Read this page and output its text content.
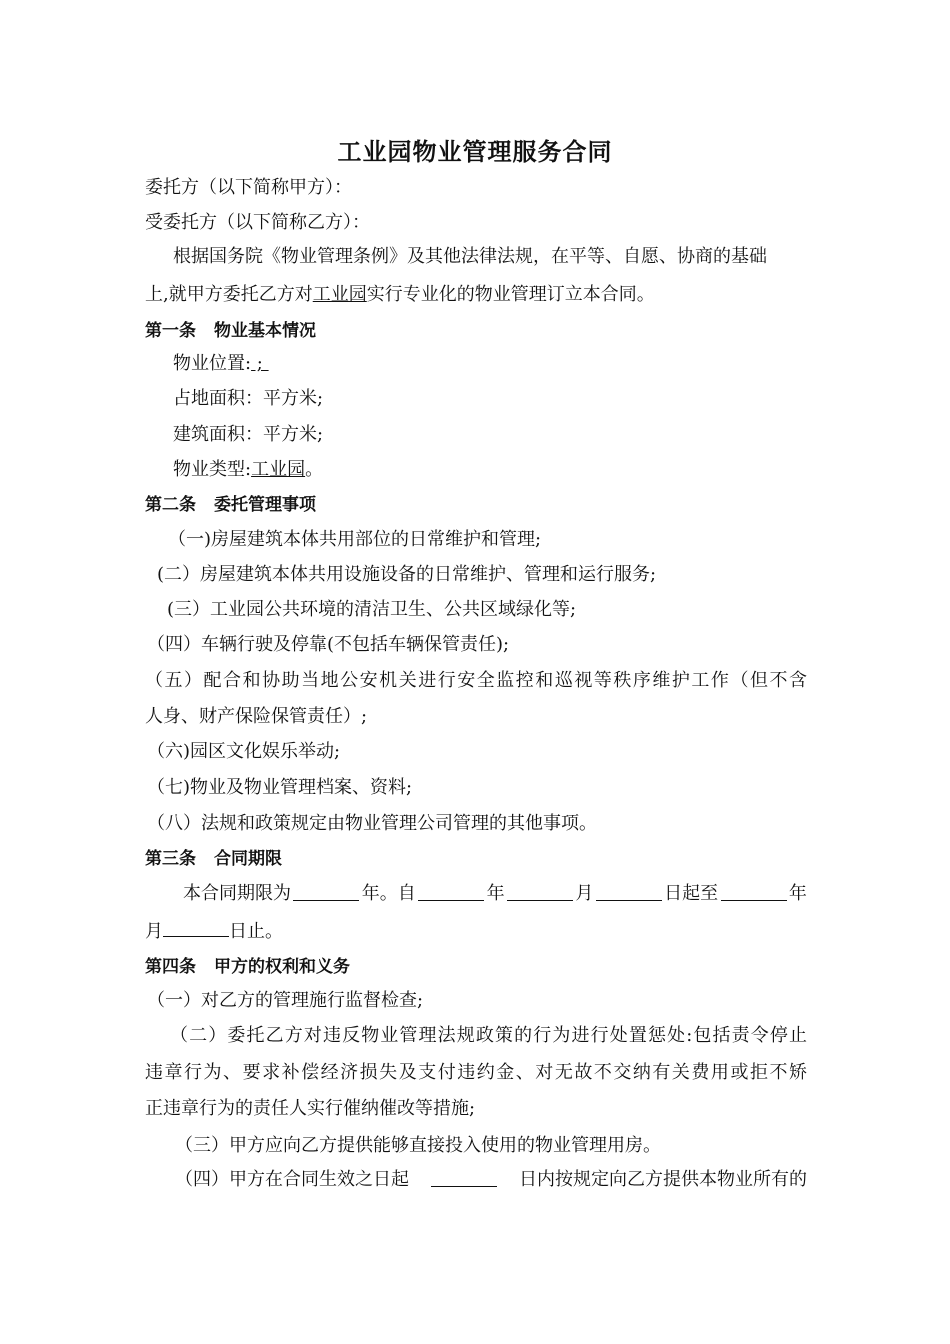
工业园物业管理服务合同
委托方（以下简称甲方）：
受委托方（以下简称乙方）：
根据国务院《物业管理条例》及其他法律法规，在平等、自愿、协商的基础
上,就甲方委托乙方对工业园实行专业化的物业管理订立本合同。
第一条 物业基本情况
物业位置: ;
占地面积：平方米;
建筑面积：平方米;
物业类型:工业园。
第二条 委托管理事项
（一)房屋建筑本体共用部位的日常维护和管理;
(二）房屋建筑本体共用设施设备的日常维护、管理和运行服务;
(三）工业园公共环境的清洁卫生、公共区域绿化等;
（四）车辆行驶及停靠(不包括车辆保管责任);
（五）配合和协助当地公安机关进行安全监控和巡视等秩序维护工作（但不含
人身、财产保险保管责任）;
（六)园区文化娱乐举动;
（七)物业及物业管理档案、资料;
（八）法规和政策规定由物业管理公司管理的其他事项。
第三条 合同期限
本合同期限为	年。自	年	月	日起至	年
月	日止。
第四条 甲方的权利和义务
（一）对乙方的管理施行监督检查;
（二）委托乙方对违反物业管理法规政策的行为进行处置惩处:包括责令停止
违章行为、要求补偿经济损失及支付违约金、对无故不交纳有关费用或拒不矫
正违章行为的责任人实行催纳催改等措施;
（三）甲方应向乙方提供能够直接投入使用的物业管理用房。
（四）甲方在合同生效之日起	日内按规定向乙方提供本物业所有的
